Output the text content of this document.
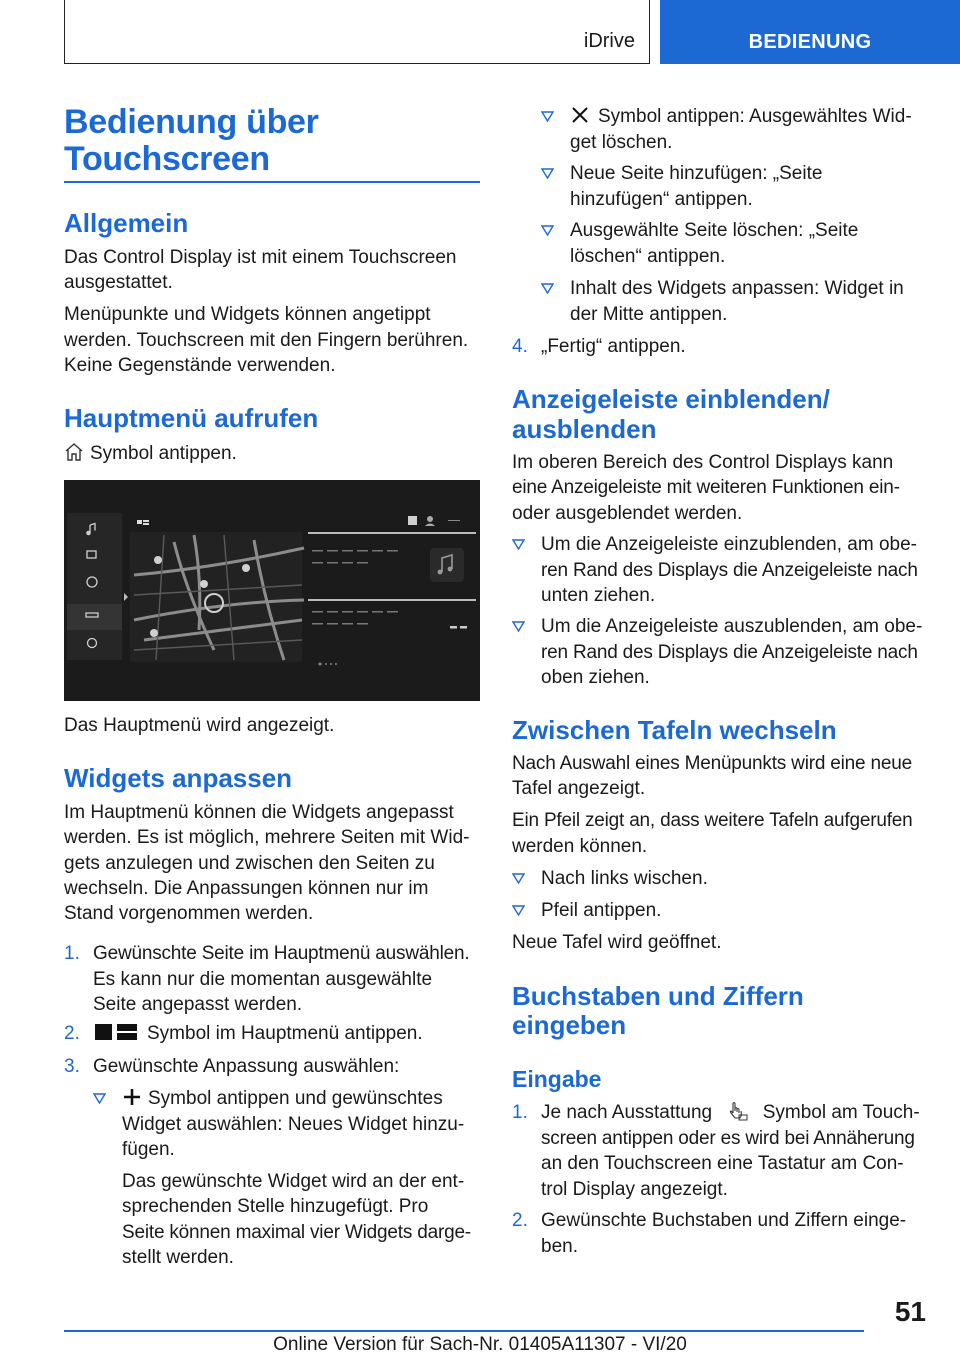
iDrive	BEDIENUNG
Bedienung über
Touchscreen
Allgemein
Das Control Display ist mit einem Touchscreen
ausgestattet.
Menüpunkte und Widgets können angetippt
werden. Touchscreen mit den Fingern berühren.
Keine Gegenstände verwenden.
Hauptmenü aufrufen
Symbol antippen.
Das Hauptmenü wird angezeigt.
Widgets anpassen
Im Hauptmenü können die Widgets angepasst
werden. Es ist möglich, mehrere Seiten mit Wid-
gets anzulegen und zwischen den Seiten zu
wechseln. Die Anpassungen können nur im
Stand vorgenommen werden.
1. Gewünschte Seite im Hauptmenü auswählen.
Es kann nur die momentan ausgewählte
Seite angepasst werden.
2.	Symbol im Hauptmenü antippen.
3. Gewünschte Anpassung auswählen:
Symbol antippen und gewünschtes
Widget auswählen: Neues Widget hinzu-
fügen.
Das gewünschte Widget wird an der ent-
sprechenden Stelle hinzugefügt. Pro
Seite können maximal vier Widgets darge-
stellt werden.
Symbol antippen: Ausgewähltes Wid-
get löschen.
Neue Seite hinzufügen: „Seite
hinzufügen“ antippen.
Ausgewählte Seite löschen: „Seite
löschen“ antippen.
Inhalt des Widgets anpassen: Widget in
der Mitte antippen.
4. „Fertig“ antippen.
Anzeigeleiste einblenden/
ausblenden
Im oberen Bereich des Control Displays kann
eine Anzeigeleiste mit weiteren Funktionen ein-
oder ausgeblendet werden.
Um die Anzeigeleiste einzublenden, am obe-
ren Rand des Displays die Anzeigeleiste nach
unten ziehen.
Um die Anzeigeleiste auszublenden, am obe-
ren Rand des Displays die Anzeigeleiste nach
oben ziehen.
Zwischen Tafeln wechseln
Nach Auswahl eines Menüpunkts wird eine neue
Tafel angezeigt.
Ein Pfeil zeigt an, dass weitere Tafeln aufgerufen
werden können.
Nach links wischen.
Pfeil antippen.
Neue Tafel wird geöffnet.
Buchstaben und Ziffern
eingeben
Eingabe
1. Je nach Ausstattung	Symbol am Touch-
screen antippen oder es wird bei Annäherung
an den Touchscreen eine Tastatur am Con-
trol Display angezeigt.
2. Gewünschte Buchstaben und Ziffern einge-
ben.
51
Online Version für Sach-Nr. 01405A11307 - VI/20
